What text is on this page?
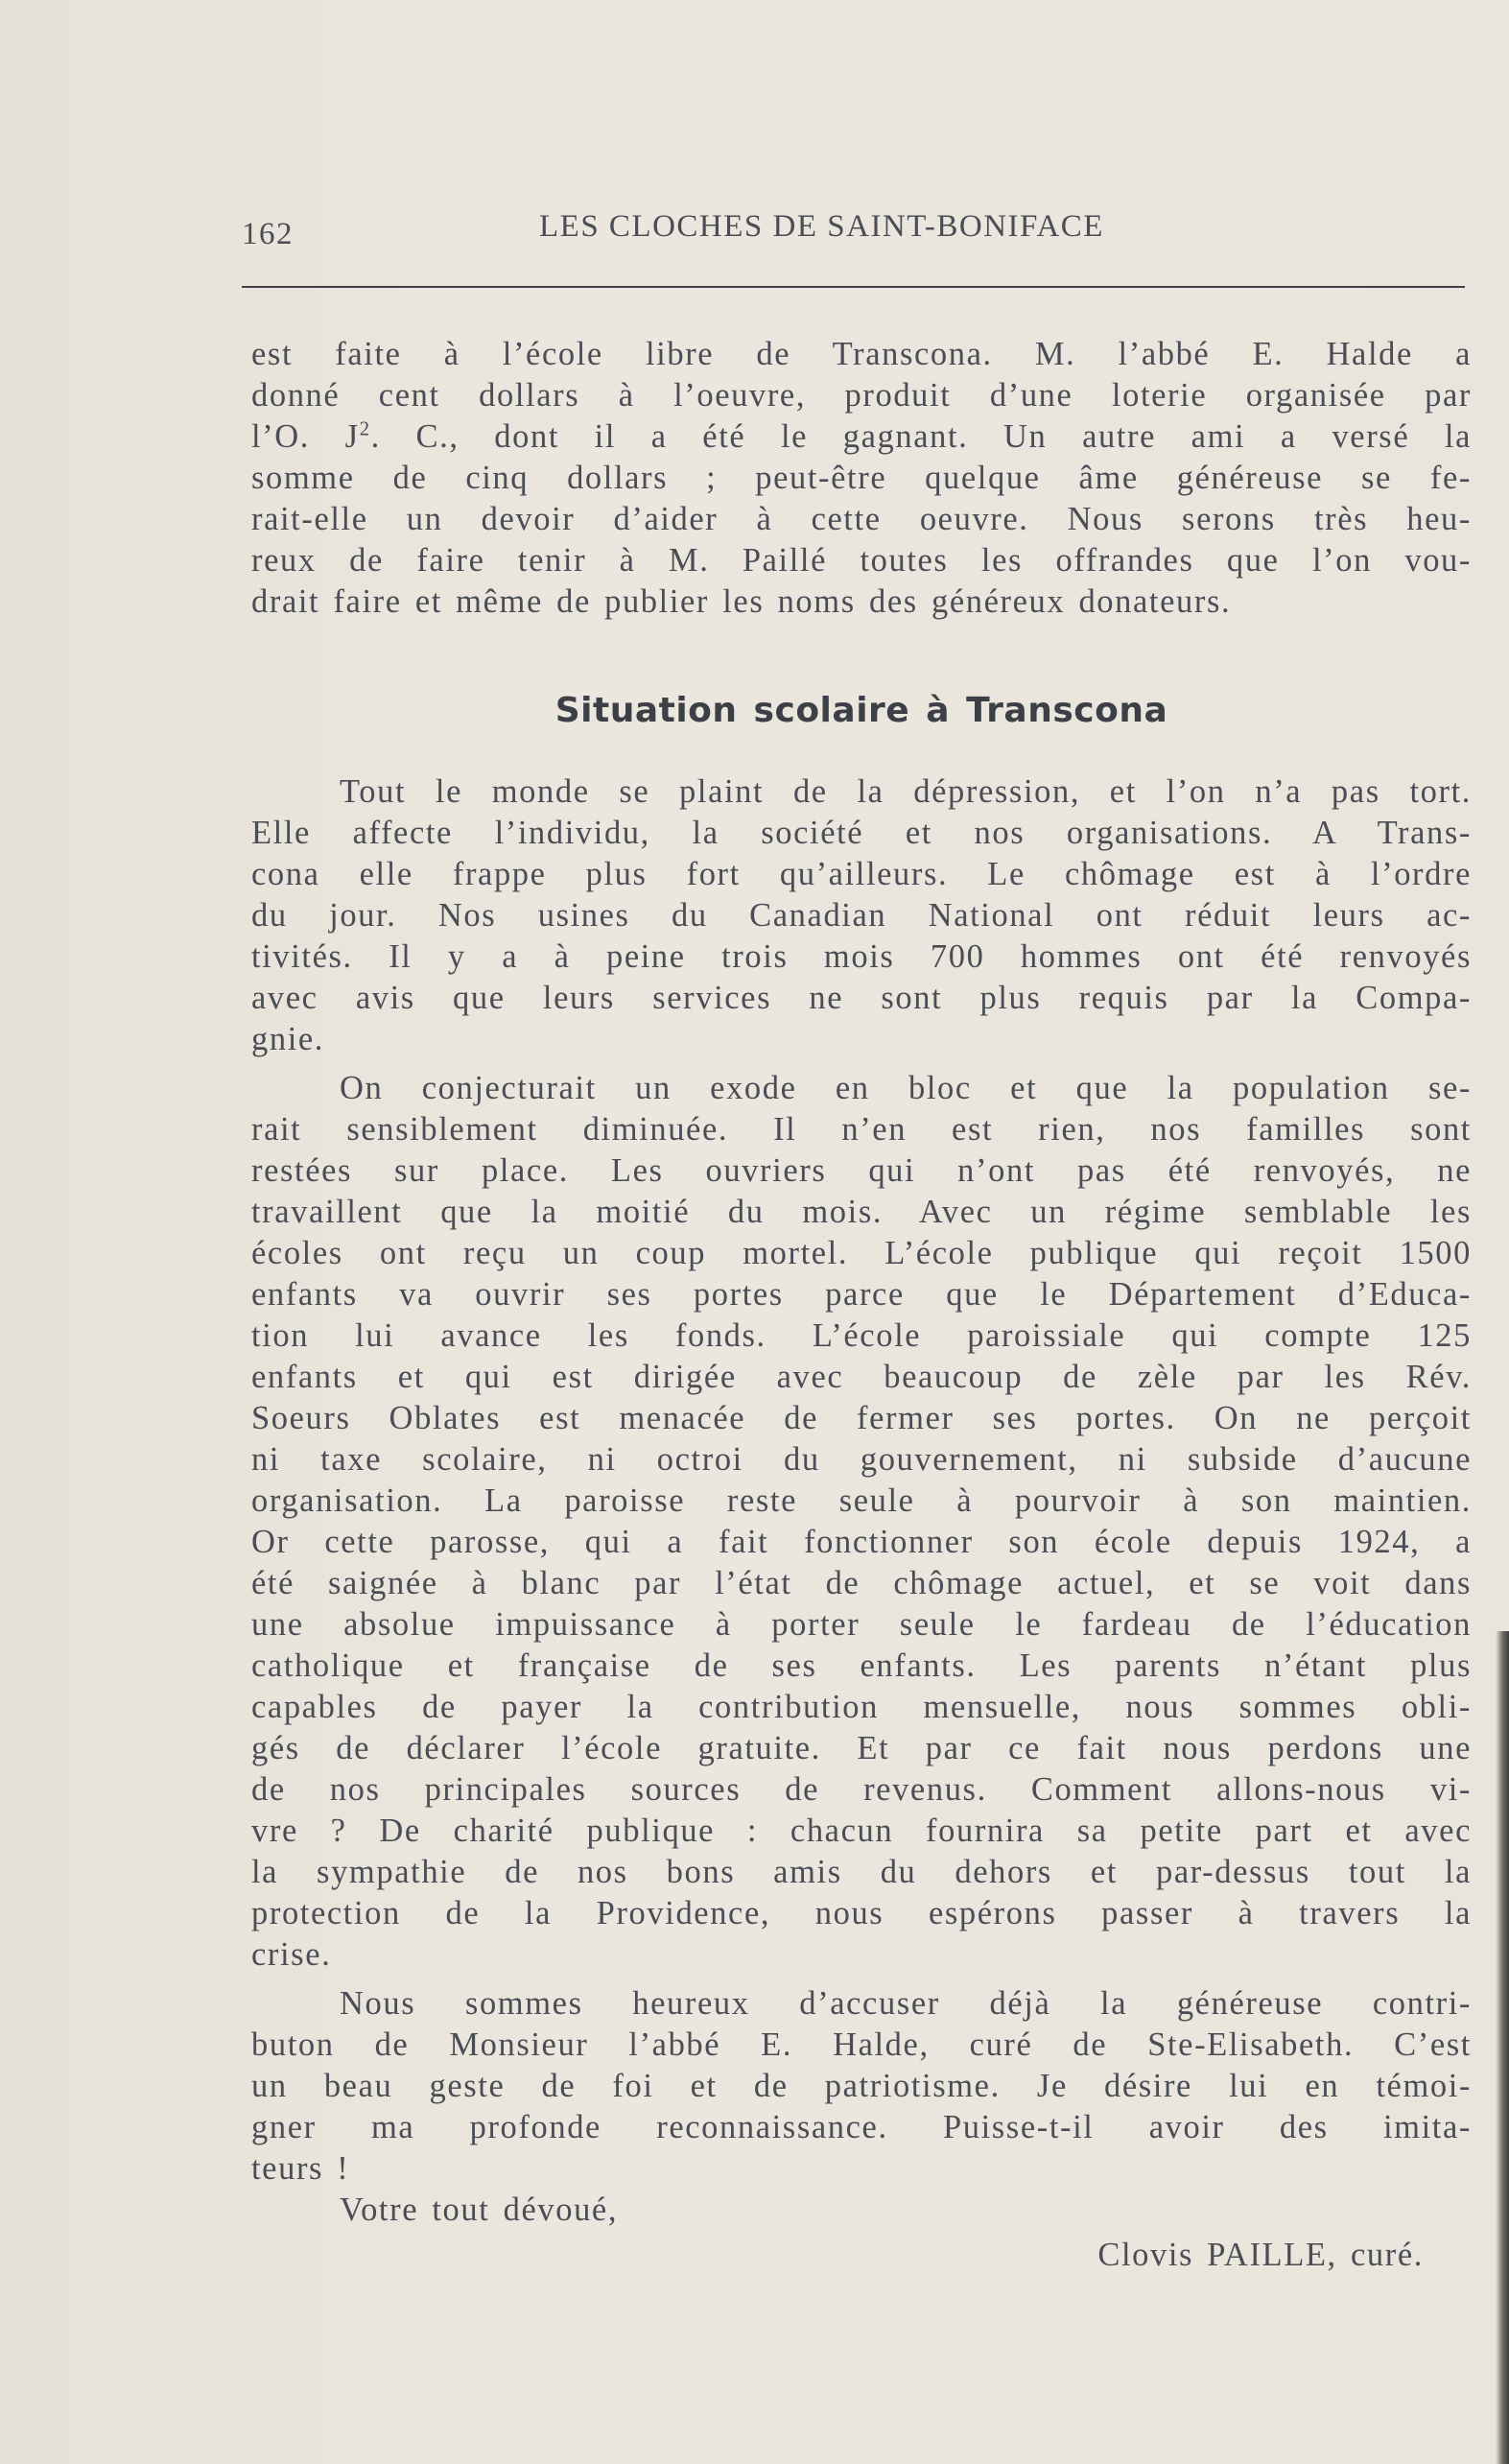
162	LES CLOCHES DE SAINT-BONIFACE
est faite à l’école libre de Transcona. M. l’abbé E. Halde a
donné cent dollars à l’oeuvre, produit d’une loterie organisée par
l’O. $J^2$. C., dont il a été le gagnant. Un autre ami a versé la
somme de cinq dollars ; peut-être quelque âme généreuse se fe-
rait-elle un devoir d’aider à cette oeuvre. Nous serons très heu-
reux de faire tenir à M. Paillé toutes les offrandes que l’on vou-
drait faire et même de publier les noms des généreux donateurs.
Situation scolaire à Transcona
Tout le monde se plaint de la dépression, et l’on n’a pas tort.
Elle affecte l’individu, la société et nos organisations. A Trans-
cona elle frappe plus fort qu’ailleurs. Le chômage est à l’ordre
du jour. Nos usines du Canadian National ont réduit leurs ac-
tivités. Il y a à peine trois mois 700 hommes ont été renvoyés
avec avis que leurs services ne sont plus requis par la Compa-
gnie.
On conjecturait un exode en bloc et que la population se-
rait sensiblement diminuée. Il n’en est rien, nos familles sont
restées sur place. Les ouvriers qui n’ont pas été renvoyés, ne
travaillent que la moitié du mois. Avec un régime semblable les
écoles ont reçu un coup mortel. L’école publique qui reçoit 1500
enfants va ouvrir ses portes parce que le Département d’Educa-
tion lui avance les fonds. L’école paroissiale qui compte 125
enfants et qui est dirigée avec beaucoup de zèle par les Rév.
Soeurs Oblates est menacée de fermer ses portes. On ne perçoit
ni taxe scolaire, ni octroi du gouvernement, ni subside d’aucune
organisation. La paroisse reste seule à pourvoir à son maintien.
Or cette parosse, qui a fait fonctionner son école depuis 1924, a
été saignée à blanc par l’état de chômage actuel, et se voit dans
une absolue impuissance à porter seule le fardeau de l’éducation
catholique et française de ses enfants. Les parents n’étant plus
capables de payer la contribution mensuelle, nous sommes obli-
gés de déclarer l’école gratuite. Et par ce fait nous perdons une
de nos principales sources de revenus. Comment allons-nous vi-
vre ? De charité publique : chacun fournira sa petite part et avec
la sympathie de nos bons amis du dehors et par-dessus tout la
protection de la Providence, nous espérons passer à travers la
crise.
Nous sommes heureux d’accuser déjà la généreuse contri-
buton de Monsieur l’abbé E. Halde, curé de Ste-Elisabeth. C’est
un beau geste de foi et de patriotisme. Je désire lui en témoi-
gner ma profonde reconnaissance. Puisse-t-il avoir des imita-
teurs !
Votre tout dévoué,
Clovis PAILLE, curé.
